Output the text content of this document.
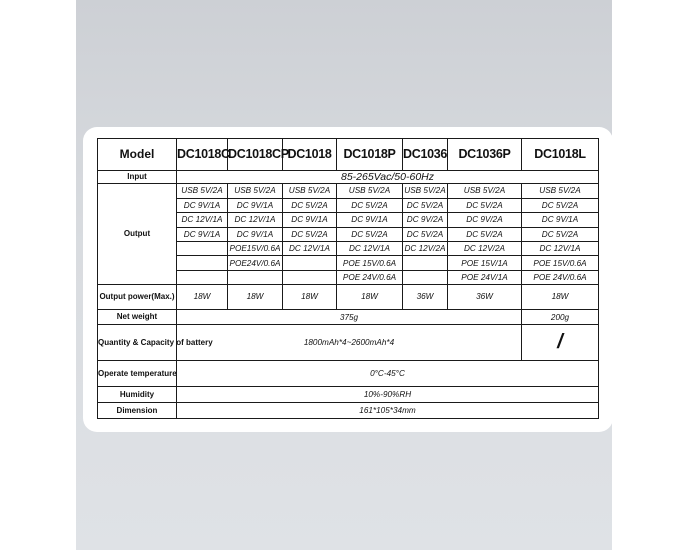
Model	DC1018C	DC1018CP	DC1018	DC1018P	DC1036	DC1036P	DC1018L
Input	85-265Vac/50-60Hz						
Output	USB 5V/2A	USB 5V/2A	USB 5V/2A	USB 5V/2A	USB 5V/2A	USB 5V/2A	USB 5V/2A
	DC 9V/1A	DC 9V/1A	DC 5V/2A	DC 5V/2A	DC 5V/2A	DC 5V/2A	DC 5V/2A
	DC 12V/1A	DC 12V/1A	DC 9V/1A	DC 9V/1A	DC 9V/2A	DC 9V/2A	DC 9V/1A
	DC 9V/1A	DC 9V/1A	DC 5V/2A	DC 5V/2A	DC 5V/2A	DC 5V/2A	DC 5V/2A
		POE15V/0.6A	DC 12V/1A	DC 12V/1A	DC 12V/2A	DC 12V/2A	DC 12V/1A
		POE24V/0.6A		POE 15V/0.6A		POE 15V/1A	POE 15V/0.6A
				POE 24V/0.6A		POE 24V/1A	POE 24V/0.6A
Output power(Max.)	18W	18W	18W	18W	36W	36W	18W
Net weight	375g						200g
Quantity & Capacity of battery	1800mAh*4~2600mAh*4						/
Operate temperature	0°C-45°C						
Humidity	10%-90%RH						
Dimension	161*105*34mm						
